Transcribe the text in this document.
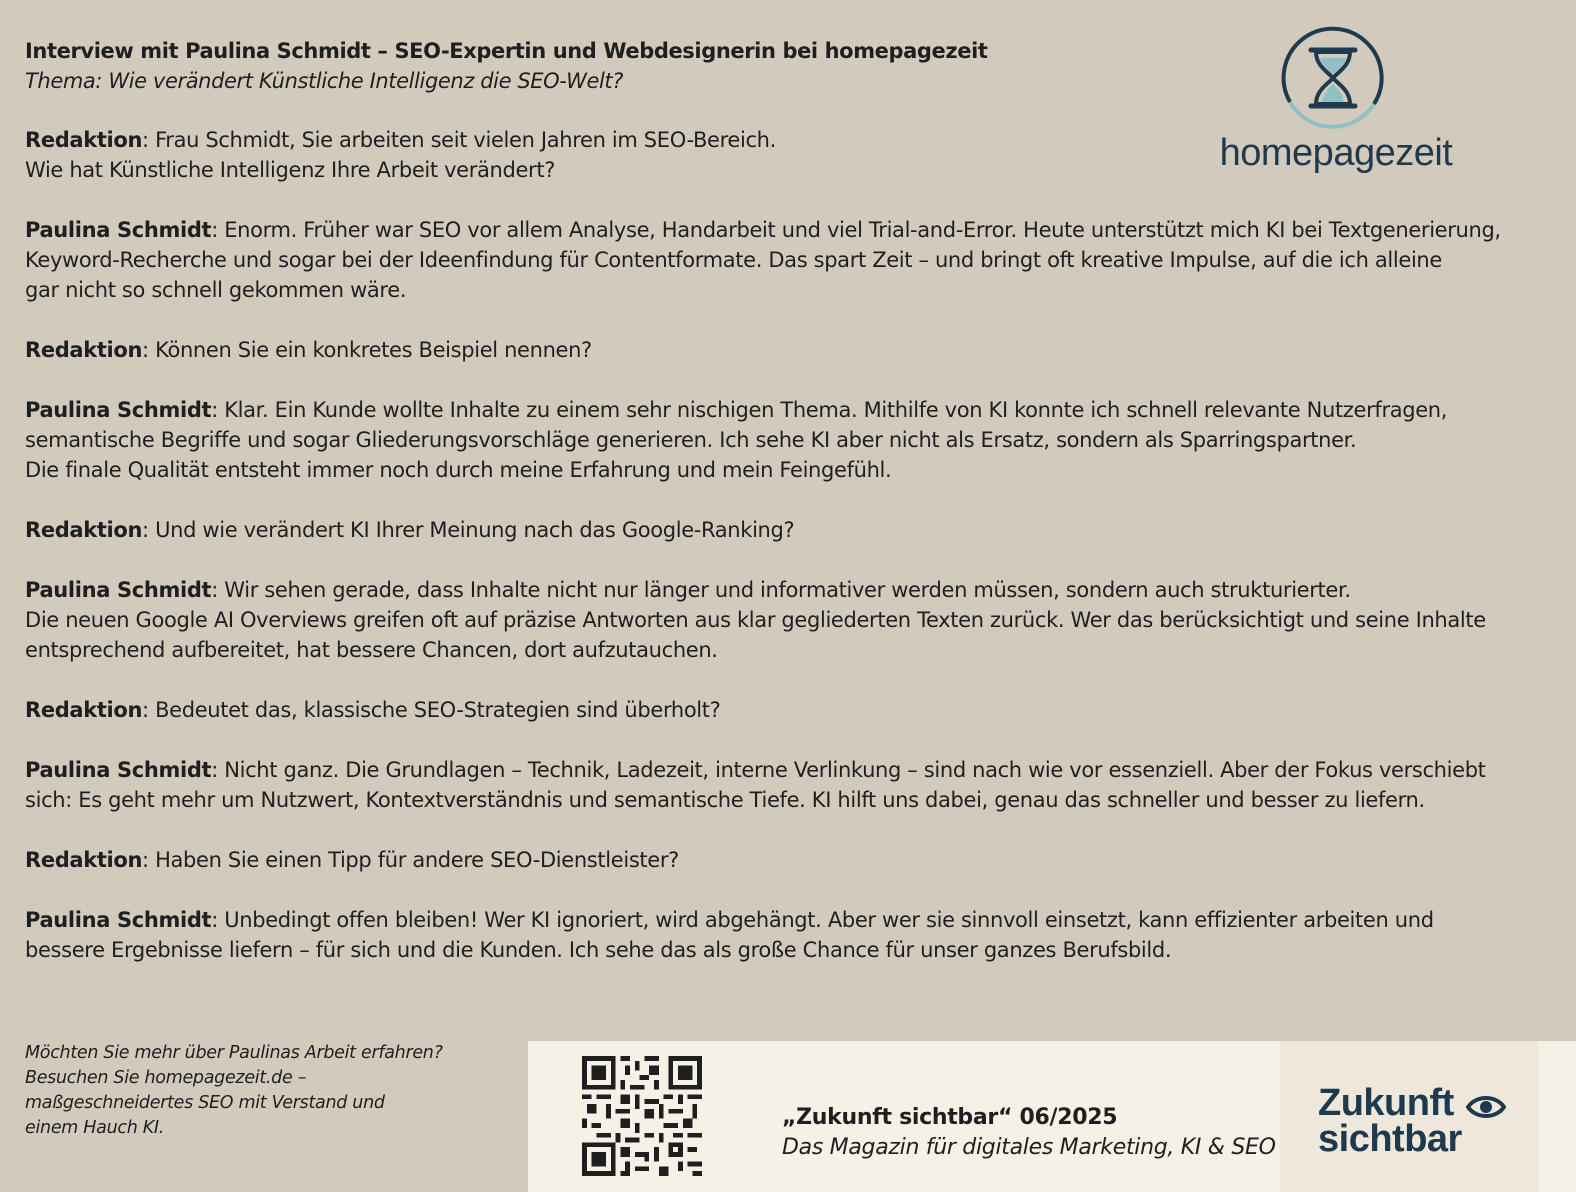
Interview mit Paulina Schmidt – SEO-Expertin und Webdesignerin bei homepagezeit
Thema: Wie verändert Künstliche Intelligenz die SEO-Welt?
homepagezeit

Redaktion: Frau Schmidt, Sie arbeiten seit vielen Jahren im SEO-Bereich.
Wie hat Künstliche Intelligenz Ihre Arbeit verändert?

Paulina Schmidt: Enorm. Früher war SEO vor allem Analyse, Handarbeit und viel Trial-and-Error. Heute unterstützt mich KI bei Textgenerierung,
Keyword-Recherche und sogar bei der Ideenfindung für Contentformate. Das spart Zeit – und bringt oft kreative Impulse, auf die ich alleine
gar nicht so schnell gekommen wäre.

Redaktion: Können Sie ein konkretes Beispiel nennen?

Paulina Schmidt: Klar. Ein Kunde wollte Inhalte zu einem sehr nischigen Thema. Mithilfe von KI konnte ich schnell relevante Nutzerfragen,
semantische Begriffe und sogar Gliederungsvorschläge generieren. Ich sehe KI aber nicht als Ersatz, sondern als Sparringspartner.
Die finale Qualität entsteht immer noch durch meine Erfahrung und mein Feingefühl.

Redaktion: Und wie verändert KI Ihrer Meinung nach das Google-Ranking?

Paulina Schmidt: Wir sehen gerade, dass Inhalte nicht nur länger und informativer werden müssen, sondern auch strukturierter.
Die neuen Google AI Overviews greifen oft auf präzise Antworten aus klar gegliederten Texten zurück. Wer das berücksichtigt und seine Inhalte
entsprechend aufbereitet, hat bessere Chancen, dort aufzutauchen.

Redaktion: Bedeutet das, klassische SEO-Strategien sind überholt?

Paulina Schmidt: Nicht ganz. Die Grundlagen – Technik, Ladezeit, interne Verlinkung – sind nach wie vor essenziell. Aber der Fokus verschiebt
sich: Es geht mehr um Nutzwert, Kontextverständnis und semantische Tiefe. KI hilft uns dabei, genau das schneller und besser zu liefern.

Redaktion: Haben Sie einen Tipp für andere SEO-Dienstleister?

Paulina Schmidt: Unbedingt offen bleiben! Wer KI ignoriert, wird abgehängt. Aber wer sie sinnvoll einsetzt, kann effizienter arbeiten und
bessere Ergebnisse liefern – für sich und die Kunden. Ich sehe das als große Chance für unser ganzes Berufsbild.

Möchten Sie mehr über Paulinas Arbeit erfahren?
Besuchen Sie homepagezeit.de –
maßgeschneidertes SEO mit Verstand und
einem Hauch KI.	„Zukunft sichtbar“ 06/2025
Das Magazin für digitales Marketing, KI & SEO
Zukunft
sichtbar
